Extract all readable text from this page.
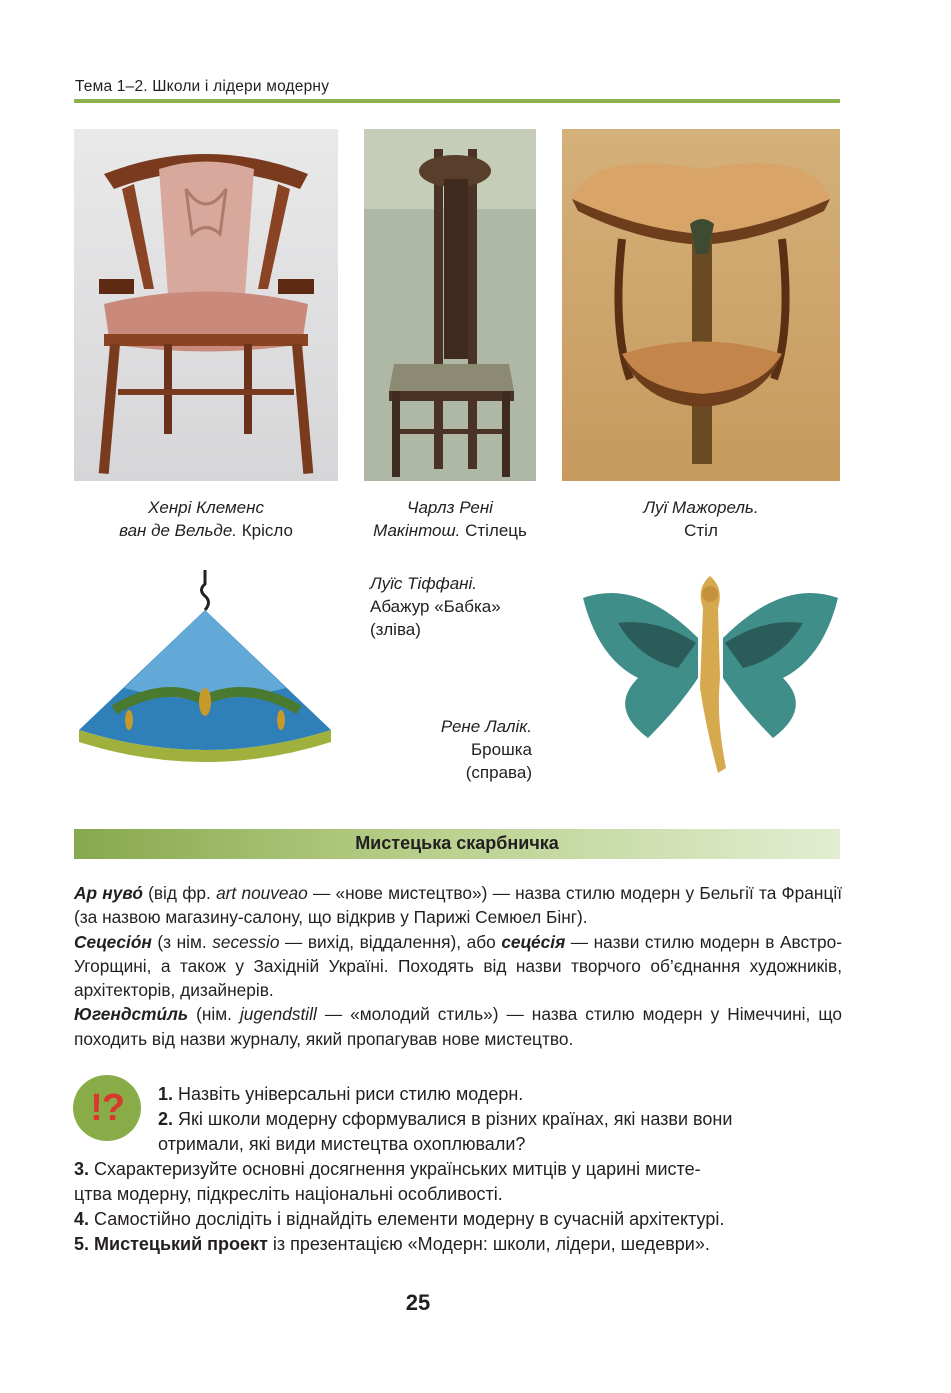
Тема 1–2. Школи і лідери модерну
Хенрі Клеменс
ван де Вельде. Крісло
Чарлз Рені
Макінтош. Стілець
Луї Мажорель.
Стіл
Луїс Тіффані.
Абажур «Бабка»
(зліва)
Рене Лалік.
Брошка
(справа)
Мистецька скарбничка

Ар нуво́ (від фр. art nouveao — «нове мистецтво») — назва стилю модерн у Бельгії та Франції (за назвою магазину-салону, що відкрив у Парижі Семюел Бінг).

Сецесіо́н (з нім. secessio — вихід, віддалення), або сеце́сія — назви стилю модерн в Австро-Угорщині, а також у Західній Україні. Походять від назви творчого об’єднання художників, архітекторів, дизайнерів.

Югендсти́ль (нім. jugendstill — «молодий стиль») — назва стилю модерн у Німеччині, що походить від назви журналу, який пропагував нове мистецтво.

!?	1. Назвіть універсальні риси стилю модерн.
2. Які школи модерну сформувалися в різних країнах, які назви вони
отримали, які види мистецтва охоплювали?
3. Схарактеризуйте основні досягнення українських митців у царині мисте-
цтва модерну, підкресліть національні особливості.
4. Самостійно дослідіть і віднайдіть елементи модерну в сучасній архітектурі.
5. Мистецький проект із презентацією «Модерн: школи, лідери, шедеври».
25
